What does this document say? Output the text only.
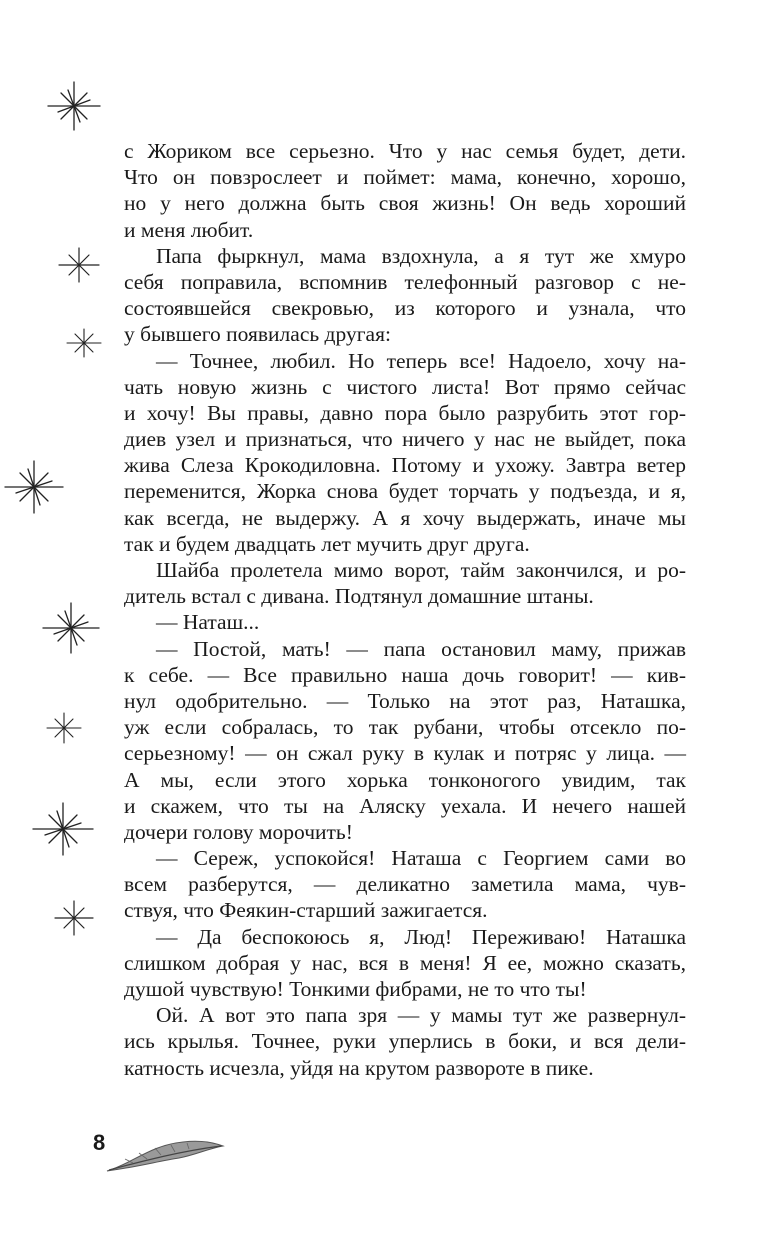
с Жориком все серьезно. Что у нас семья будет, дети.
Что он повзрослеет и поймет: мама, конечно, хорошо,
но у него должна быть своя жизнь! Он ведь хороший
и меня любит.
Папа фыркнул, мама вздохнула, а я тут же хмуро
себя поправила, вспомнив телефонный разговор с не-
состоявшейся свекровью, из которого и узнала, что
у бывшего появилась другая:
— Точнее, любил. Но теперь все! Надоело, хочу на-
чать новую жизнь с чистого листа! Вот прямо сейчас
и хочу! Вы правы, давно пора было разрубить этот гор-
диев узел и признаться, что ничего у нас не выйдет, пока
жива Слеза Крокодиловна. Потому и ухожу. Завтра ветер
переменится, Жорка снова будет торчать у подъезда, и я,
как всегда, не выдержу. А я хочу выдержать, иначе мы
так и будем двадцать лет мучить друг друга.
Шайба пролетела мимо ворот, тайм закончился, и ро-
дитель встал с дивана. Подтянул домашние штаны.
— Наташ...
— Постой, мать! — папа остановил маму, прижав
к себе. — Все правильно наша дочь говорит! — кив-
нул одобрительно. — Только на этот раз, Наташка,
уж если собралась, то так рубани, чтобы отсекло по-
серьезному! — он сжал руку в кулак и потряс у лица. —
А мы, если этого хорька тонконогого увидим, так
и скажем, что ты на Аляску уехала. И нечего нашей
дочери голову морочить!
— Сереж, успокойся! Наташа с Георгием сами во
всем разберутся, — деликатно заметила мама, чув-
ствуя, что Феякин-старший зажигается.
— Да беспокоюсь я, Люд! Переживаю! Наташка
слишком добрая у нас, вся в меня! Я ее, можно сказать,
душой чувствую! Тонкими фибрами, не то что ты!
Ой. А вот это папа зря — у мамы тут же развернул-
ись крылья. Точнее, руки уперлись в боки, и вся дели-
катность исчезла, уйдя на крутом развороте в пике.
8
